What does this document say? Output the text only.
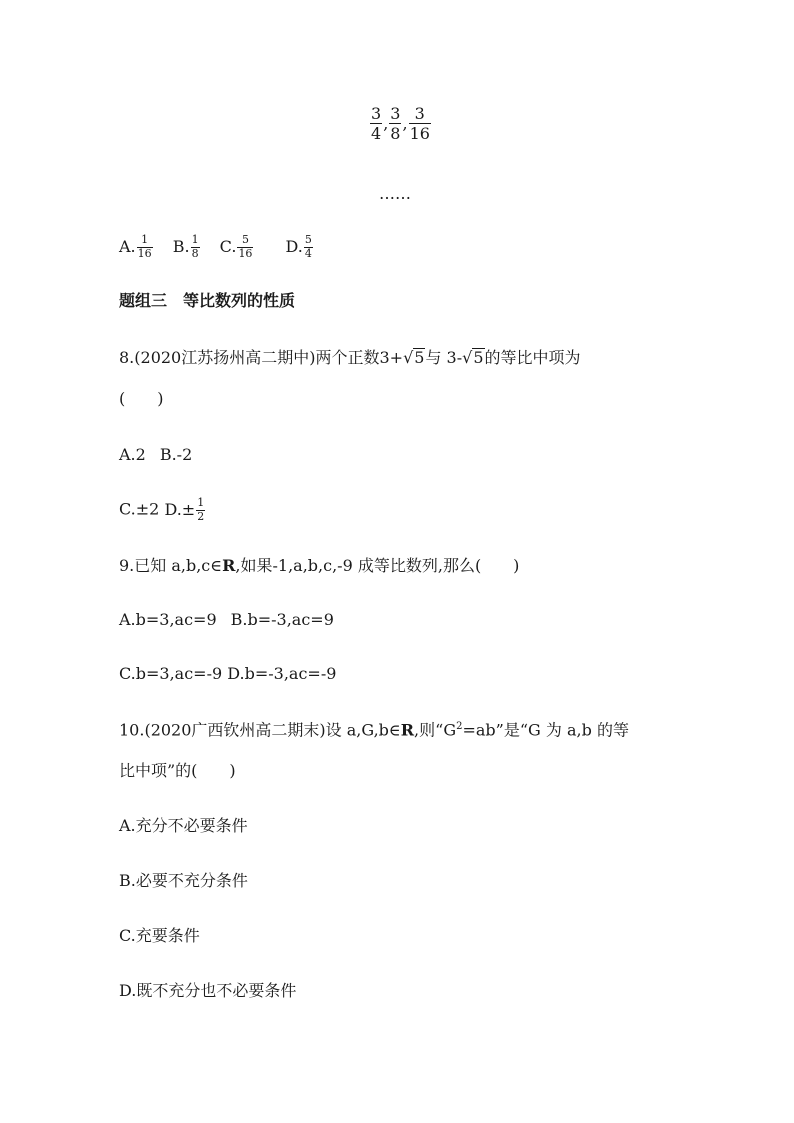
$\frac{3}{4}$ , $\frac{3}{8}$ , $\frac{3}{16}$
……
A. $\frac{1}{16} B$. $\frac{1}{8} C$. $\frac{5}{16} D$. $\frac{5}{4}$
题组三　等比数列的性质
8.(2020江苏扬州高二期中)两个正数3+√5与 3-√5的等比中项为
(　　)
A.2 B.-2
C.±2 $D.\pm \frac{1}{2}$
9.已知 a,b,c∈R,如果-1,a,b,c,-9 成等比数列,那么(　　)
A.b=3,ac=9 B.b=-3,ac=9
C.b=3,ac=-9 D.b=-3,ac=-9
10.(2020广西钦州高二期末)设 a,G,b∈R,则“$G^2=ab$”是“G 为 a,b 的等
比中项”的(　　)
A.充分不必要条件
B.必要不充分条件
C.充要条件
D.既不充分也不必要条件
